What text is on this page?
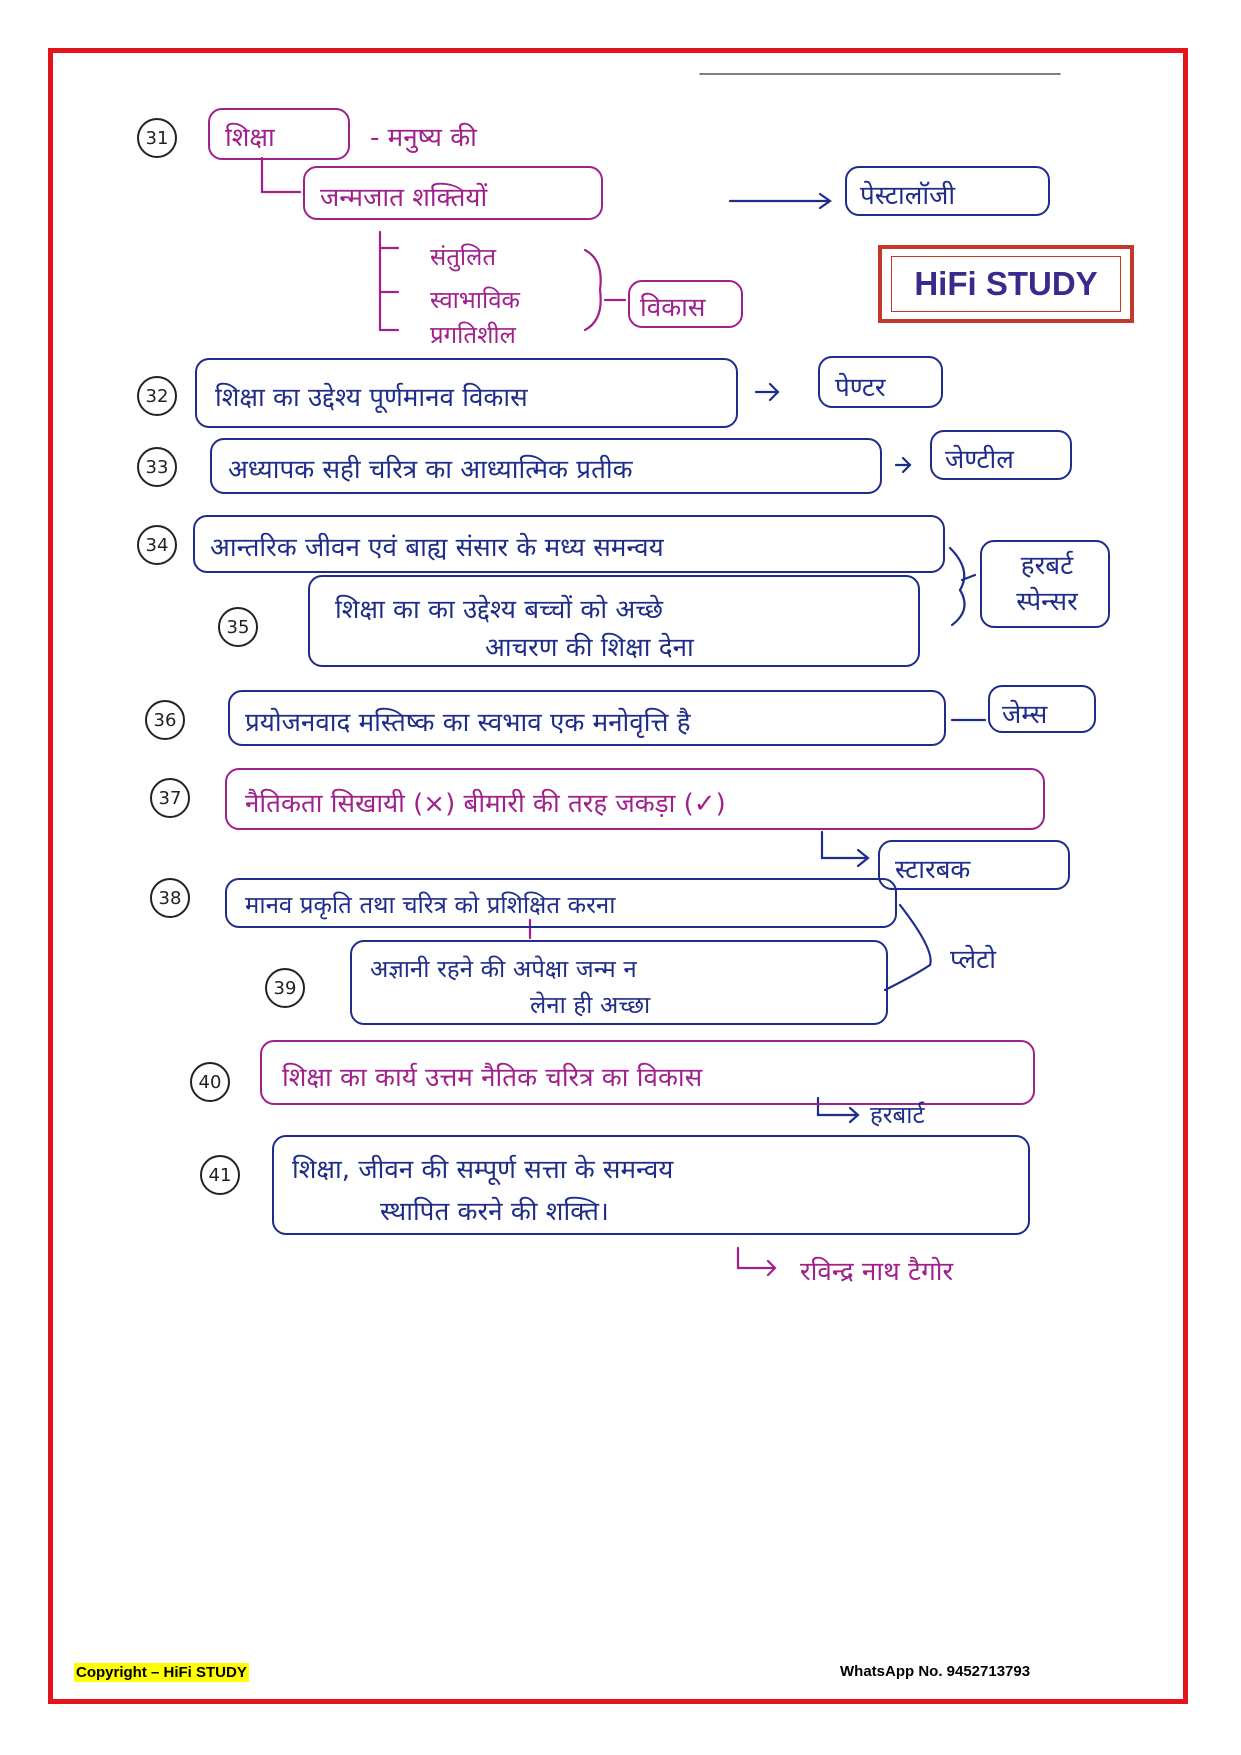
HiFi STUDY
31	शिक्षा	- मनुष्य की
जन्मजात शक्तियों
संतुलित
स्वाभाविक
प्रगतिशील
विकास
पेस्टालॉजी
32	शिक्षा का उद्देश्य पूर्णमानव विकास	पेण्टर
33	अध्यापक सही चरित्र का आध्यात्मिक प्रतीक	जेण्टील
34	आन्तरिक जीवन एवं बाह्य संसार के मध्य समन्वय
35
शिक्षा का का उद्देश्य बच्चों को अच्छे
आचरण की शिक्षा देना
हरबर्ट स्पेन्सर
36	प्रयोजनवाद मस्तिष्क का स्वभाव एक मनोवृत्ति है	जेम्स
37	नैतिकता सिखायी (×) बीमारी की तरह जकड़ा (✓)
स्टारबक
38	मानव प्रकृति तथा चरित्र को प्रशिक्षित करना
39
अज्ञानी रहने की अपेक्षा जन्म न
लेना ही अच्छा
प्लेटो
40	शिक्षा का कार्य उत्तम नैतिक चरित्र का विकास
हरबार्ट
41	शिक्षा, जीवन की सम्पूर्ण सत्ता के समन्वय
स्थापित करने की शक्ति।
रविन्द्र नाथ टैगोर
Copyright – HiFi STUDY	WhatsApp No. 9452713793
